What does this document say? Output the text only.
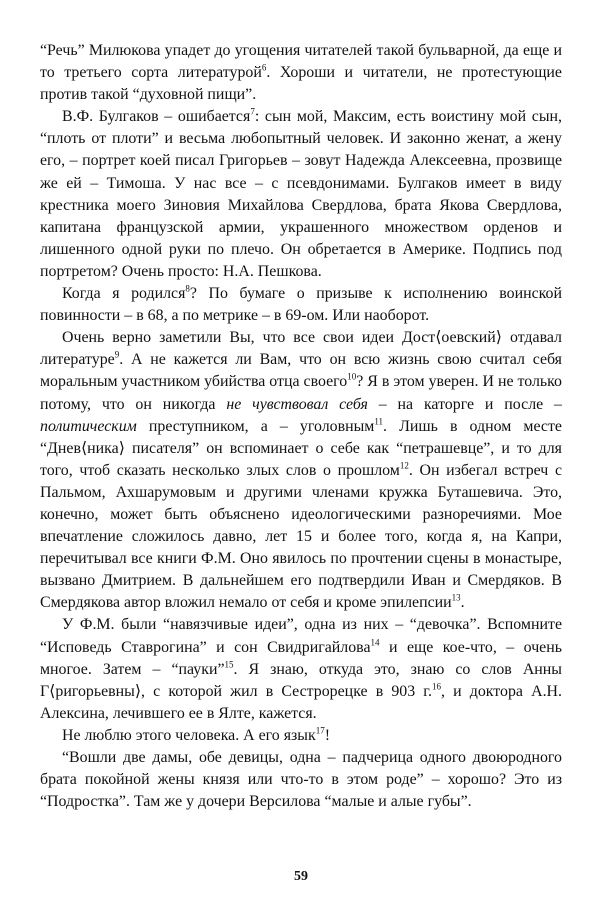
“Речь” Милюкова упадет до угощения читателей такой бульварной, да еще и то третьего сорта литературой$^6$. Хороши и читатели, не протестующие против такой “духовной пищи”.

В.Ф. Булгаков – ошибается$^7$: сын мой, Максим, есть воистину мой сын, “плоть от плоти” и весьма любопытный человек. И законно женат, а жену его, – портрет коей писал Григорьев – зовут Надежда Алексеевна, прозвище же ей – Тимоша. У нас все – с псевдонимами. Булгаков имеет в виду крестника моего Зиновия Михайлова Свердлова, брата Якова Свердлова, капитана французской армии, украшенного множеством орденов и лишенного одной руки по плечо. Он обретается в Америке. Подпись под портретом? Очень просто: Н.А. Пешкова.

Когда я родился$^8$? По бумаге о призыве к исполнению воинской повинности – в 68, а по метрике – в 69-ом. Или наоборот.

Очень верно заметили Вы, что все свои идеи Дост⟨оевский⟩ отдавал литературе$^9$. А не кажется ли Вам, что он всю жизнь свою считал себя моральным участником убийства отца своего$^{10}$? Я в этом уверен. И не только потому, что он никогда не чувствовал себя – на каторге и после – политическим преступником, а – уголовным$^{11}$. Лишь в одном месте “Днев⟨ника⟩ писателя” он вспоминает о себе как “петрашевце”, и то для того, чтоб сказать несколько злых слов о прошлом$^{12}$. Он избегал встреч с Пальмом, Ахшарумовым и другими членами кружка Буташевича. Это, конечно, может быть объяснено идеологическими разноречиями. Мое впечатление сложилось давно, лет 15 и более того, когда я, на Капри, перечитывал все книги Ф.М. Оно явилось по прочтении сцены в монастыре, вызвано Дмитрием. В дальнейшем его подтвердили Иван и Смердяков. В Смердякова автор вложил немало от себя и кроме эпилепсии$^{13}$.

У Ф.М. были “навязчивые идеи”, одна из них – “девочка”. Вспомните “Исповедь Ставрогина” и сон Свидригайлова$^{14}$ и еще кое-что, – очень многое. Затем – “пауки”$^{15}$. Я знаю, откуда это, знаю со слов Анны Г⟨ригорьевны⟩, с которой жил в Сестрорецке в 903 г.$^{16}$, и доктора А.Н. Алексина, лечившего ее в Ялте, кажется.

Не люблю этого человека. А его язык$^{17}$!

“Вошли две дамы, обе девицы, одна – падчерица одного двоюродного брата покойной жены князя или что-то в этом роде” – хорошо? Это из “Подростка”. Там же у дочери Версилова “малые и алые губы”.

59
